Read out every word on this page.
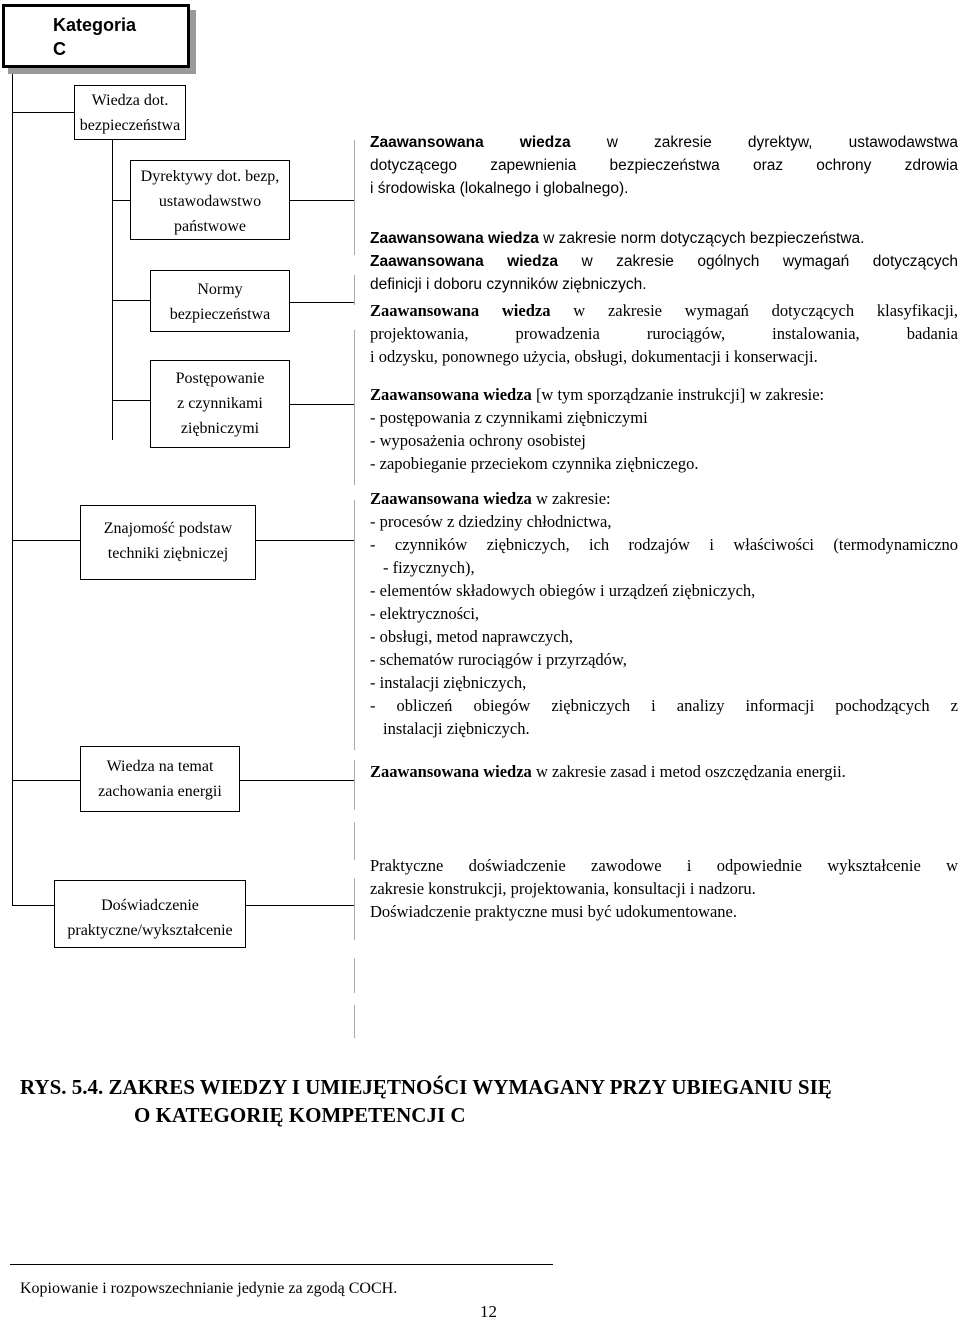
Kategoria
C
Wiedza dot.
bezpieczeństwa
Dyrektywy dot. bezp,
ustawodawstwo
państwowe
Normy
bezpieczeństwa
Postępowanie
z czynnikami
ziębniczymi
Znajomość podstaw
techniki ziębniczej
Wiedza na temat
zachowania energii
Doświadczenie
praktyczne/wykształcenie

Zaawansowana wiedza w zakresie dyrektyw, ustawodawstwa

dotyczącego zapewnienia bezpieczeństwa oraz ochrony zdrowia

i środowiska (lokalnego i globalnego).

Zaawansowana wiedza w zakresie norm dotyczących bezpieczeństwa.

Zaawansowana wiedza w zakresie ogólnych wymagań dotyczących

definicji i doboru czynników ziębniczych.

Zaawansowana wiedza w zakresie wymagań dotyczących klasyfikacji,

projektowania, prowadzenia rurociągów, instalowania, badania

i odzysku, ponownego użycia, obsługi, dokumentacji i konserwacji.

Zaawansowana wiedza [w tym sporządzanie instrukcji] w zakresie:

- postępowania z czynnikami ziębniczymi

- wyposażenia ochrony osobistej

- zapobieganie przeciekom czynnika ziębniczego.

Zaawansowana wiedza w zakresie:

- procesów z dziedziny chłodnictwa,

- czynników ziębniczych, ich rodzajów i właściwości (termodynamiczno

- fizycznych),

- elementów składowych obiegów i urządzeń ziębniczych,

- elektryczności,

- obsługi, metod naprawczych,

- schematów rurociągów i przyrządów,

- instalacji ziębniczych,

- obliczeń obiegów ziębniczych i analizy informacji pochodzących z

instalacji ziębniczych.

Zaawansowana wiedza w zakresie zasad i metod oszczędzania energii.

Praktyczne doświadczenie zawodowe i odpowiednie wykształcenie w

zakresie konstrukcji, projektowania, konsultacji i nadzoru.

Doświadczenie praktyczne musi być udokumentowane.

RYS. 5.4. ZAKRES WIEDZY I UMIEJĘTNOŚCI WYMAGANY PRZY UBIEGANIU SIĘ
O KATEGORIĘ KOMPETENCJI C
Kopiowanie i rozpowszechnianie jedynie za zgodą COCH.
12
